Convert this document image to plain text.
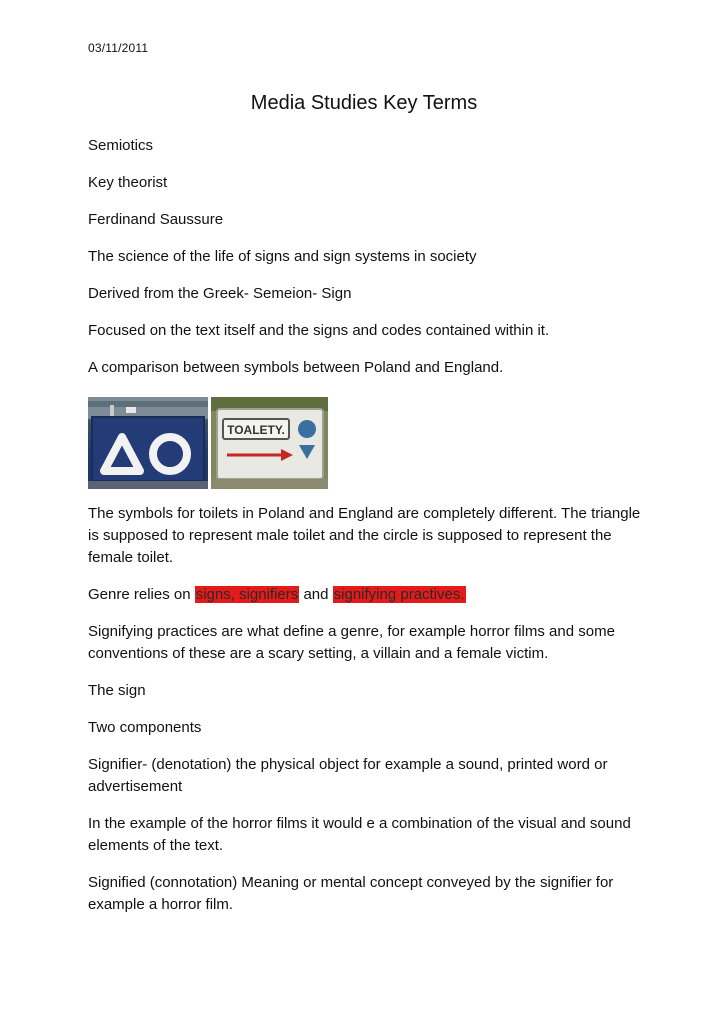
03/11/2011
Media Studies Key Terms

Semiotics

Key theorist

Ferdinand Saussure

The science of the life of signs and sign systems in society

Derived from the Greek- Semeion- Sign

Focused on the text itself and the signs and codes contained within it.

A comparison between symbols between Poland and England.

TOALETY.

The symbols for toilets in Poland and England are completely different. The triangle is supposed to represent male toilet and the circle is supposed to represent the female toilet.

Genre relies on signs, signifiers and signifying practives.

Signifying practices are what define a genre, for example horror films and some conventions of these are a scary setting, a villain and a female victim.

The sign

Two components

Signifier- (denotation) the physical object for example a sound, printed word or advertisement

In the example of the horror films it would e a combination of the visual and sound elements of the text.

Signified (connotation) Meaning or mental concept conveyed by the signifier for example a horror film.
